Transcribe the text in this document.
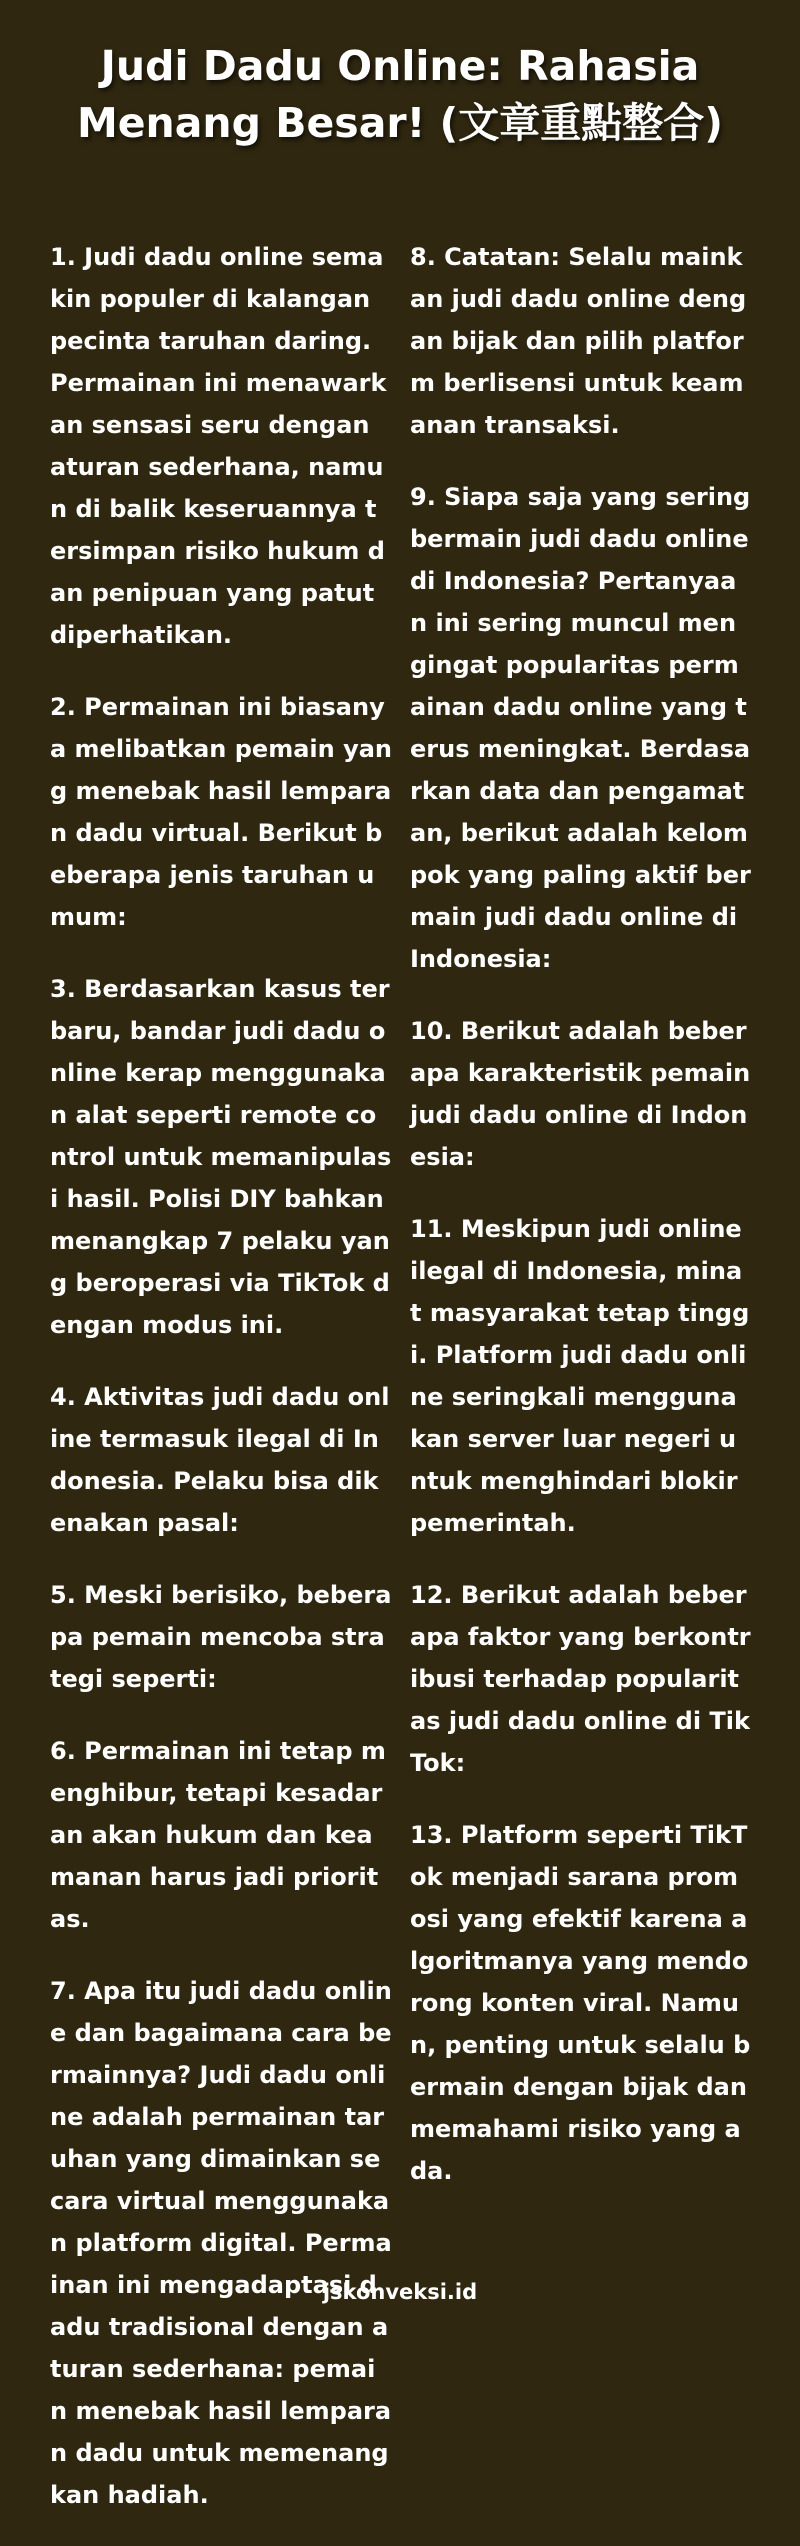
Judi Dadu Online: Rahasia Menang Besar! (文章重點整合)

1. Judi dadu online semakin populer di kalangan pecinta taruhan daring. Permainan ini menawarkan sensasi seru dengan aturan sederhana, namun di balik keseruannya tersimpan risiko hukum dan penipuan yang patut diperhatikan.

2. Permainan ini biasanya melibatkan pemain yang menebak hasil lemparan dadu virtual. Berikut beberapa jenis taruhan umum:

3. Berdasarkan kasus terbaru, bandar judi dadu online kerap menggunakan alat seperti remote control untuk memanipulasi hasil. Polisi DIY bahkan menangkap 7 pelaku yang beroperasi via TikTok dengan modus ini.

4. Aktivitas judi dadu online termasuk ilegal di Indonesia. Pelaku bisa dikenakan pasal:

5. Meski berisiko, beberapa pemain mencoba strategi seperti:

6. Permainan ini tetap menghibur, tetapi kesadaran akan hukum dan keamanan harus jadi prioritas.

7. Apa itu judi dadu online dan bagaimana cara bermainnya? Judi dadu online adalah permainan taruhan yang dimainkan secara virtual menggunakan platform digital. Permainan ini mengadaptasi dadu tradisional dengan aturan sederhana: pemain menebak hasil lemparan dadu untuk memenangkan hadiah.

8. Catatan: Selalu mainkan judi dadu online dengan bijak dan pilih platform berlisensi untuk keamanan transaksi.

9. Siapa saja yang sering bermain judi dadu online di Indonesia? Pertanyaan ini sering muncul mengingat popularitas permainan dadu online yang terus meningkat. Berdasarkan data dan pengamatan, berikut adalah kelompok yang paling aktif bermain judi dadu online di Indonesia:

10. Berikut adalah beberapa karakteristik pemain judi dadu online di Indonesia:

11. Meskipun judi online ilegal di Indonesia, minat masyarakat tetap tinggi. Platform judi dadu online seringkali menggunakan server luar negeri untuk menghindari blokir pemerintah.

12. Berikut adalah beberapa faktor yang berkontribusi terhadap popularitas judi dadu online di TikTok:

13. Platform seperti TikTok menjadi sarana promosi yang efektif karena algoritmanya yang mendorong konten viral. Namun, penting untuk selalu bermain dengan bijak dan memahami risiko yang ada.

jskonveksi.id
